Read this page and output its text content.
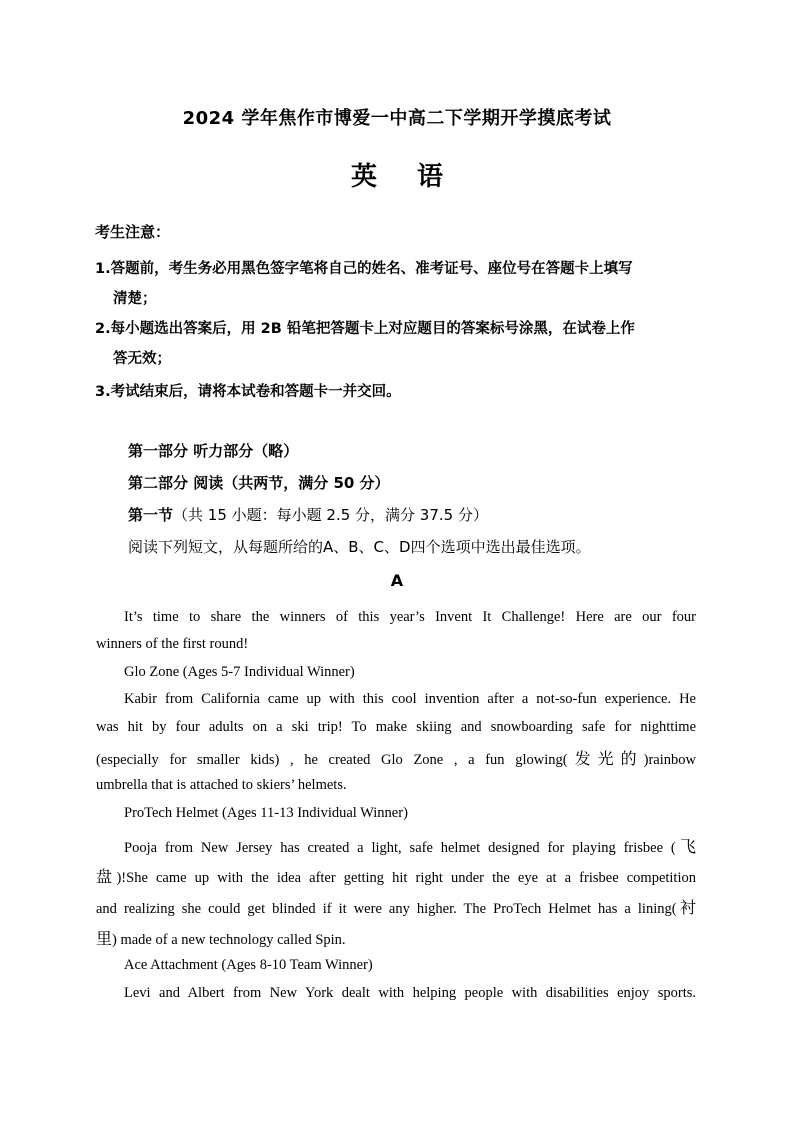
2024 学年焦作市博爱一中高二下学期开学摸底考试
英语
考生注意：
1.答题前，考生务必用黑色签字笔将自己的姓名、准考证号、座位号在答题卡上填写
清楚；
2.每小题选出答案后，用 2B 铅笔把答题卡上对应题目的答案标号涂黑，在试卷上作
答无效；
3.考试结束后，请将本试卷和答题卡一并交回。
第一部分 听力部分（略）
第二部分 阅读（共两节，满分 50 分）
第一节（共 15 小题：每小题 2.5 分，满分 37.5 分）
阅读下列短文，从每题所给的A、B、C、D四个选项中选出最佳选项。
A
It’s time to share the winners of this year’s Invent It Challenge! Here are our four
winners of the first round!
Glo Zone (Ages 5-7 Individual Winner)
Kabir from California came up with this cool invention after a not-so-fun experience. He
was hit by four adults on a ski trip! To make skiing and snowboarding safe for nighttime
(especially for smaller kids) , he created Glo Zone , a fun glowing(发光的)rainbow
umbrella that is attached to skiers’ helmets.
ProTech Helmet (Ages 11-13 Individual Winner)
Pooja from New Jersey has created a light, safe helmet designed for playing frisbee (飞
盘)!She came up with the idea after getting hit right under the eye at a frisbee competition
and realizing she could get blinded if it were any higher. The ProTech Helmet has a lining(衬
里) made of a new technology called Spin.
Ace Attachment (Ages 8-10 Team Winner)
Levi and Albert from New York dealt with helping people with disabilities enjoy sports.
